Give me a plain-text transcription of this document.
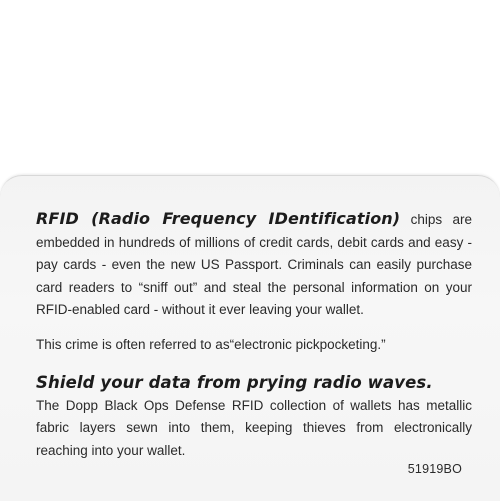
RFID (Radio Frequency IDentification) chips are embedded in hundreds of millions of credit cards, debit cards and easy - pay cards - even the new US Passport. Criminals can easily purchase card readers to “sniff out” and steal the personal information on your RFID-enabled card - without it ever leaving your wallet.

This crime is often referred to as“electronic pickpocketing.”

Shield your data from prying radio waves.

The Dopp Black Ops Defense RFID collection of wallets has metallic fabric layers sewn into them, keeping thieves from electronically reaching into your wallet.

51919BO
